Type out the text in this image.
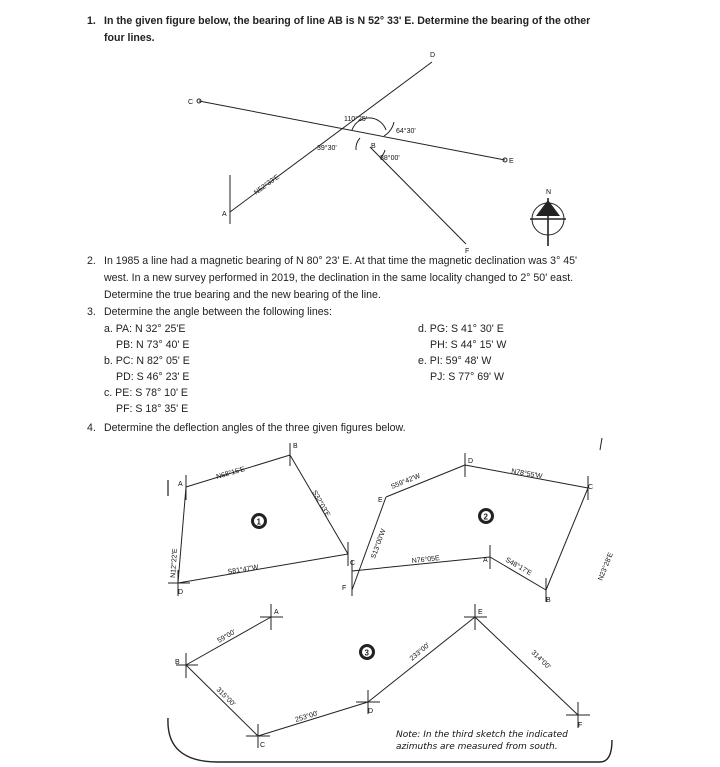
1. In the given figure below, the bearing of line AB is N 52° 33' E. Determine the bearing of the other
four lines.
2. In 1985 a line had a magnetic bearing of N 80° 23' E. At that time the magnetic declination was 3° 45'
west. In a new survey performed in 2019, the declination in the same locality changed to 2° 50' east.
Determine the true bearing and the new bearing of the line.
3. Determine the angle between the following lines:
a. PA: N 32° 25'E
PB: N 73° 40' E
b. PC: N 82° 05' E
PD: S 46° 23' E
c. PE: S 78° 10' E
PF: S 18° 35' E
d. PG: S 41° 30' E
PH: S 44° 15' W
e. PI: 59° 48' W
PJ: S 77° 69' W
4. Determine the deflection angles of the three given figures below.
C
D
E
F
A
B
110°25'
64°30'
39°30'
38°00'
N52°33'E	N
A
B
C
D
N68°15'E
S32°03'E
S81°47'W
N12°22'E
1
E
D
C
B
A
F
S59°42'W	N78°55'W
N23°28'E
S48°17'E
N76°05E
S13°00'W
2
B
A
C
D
E
F
59°00'
315°00'
253°00'
233°00'	314°00'
3
Note: In the third sketch the indicated
azimuths are measured from south.
